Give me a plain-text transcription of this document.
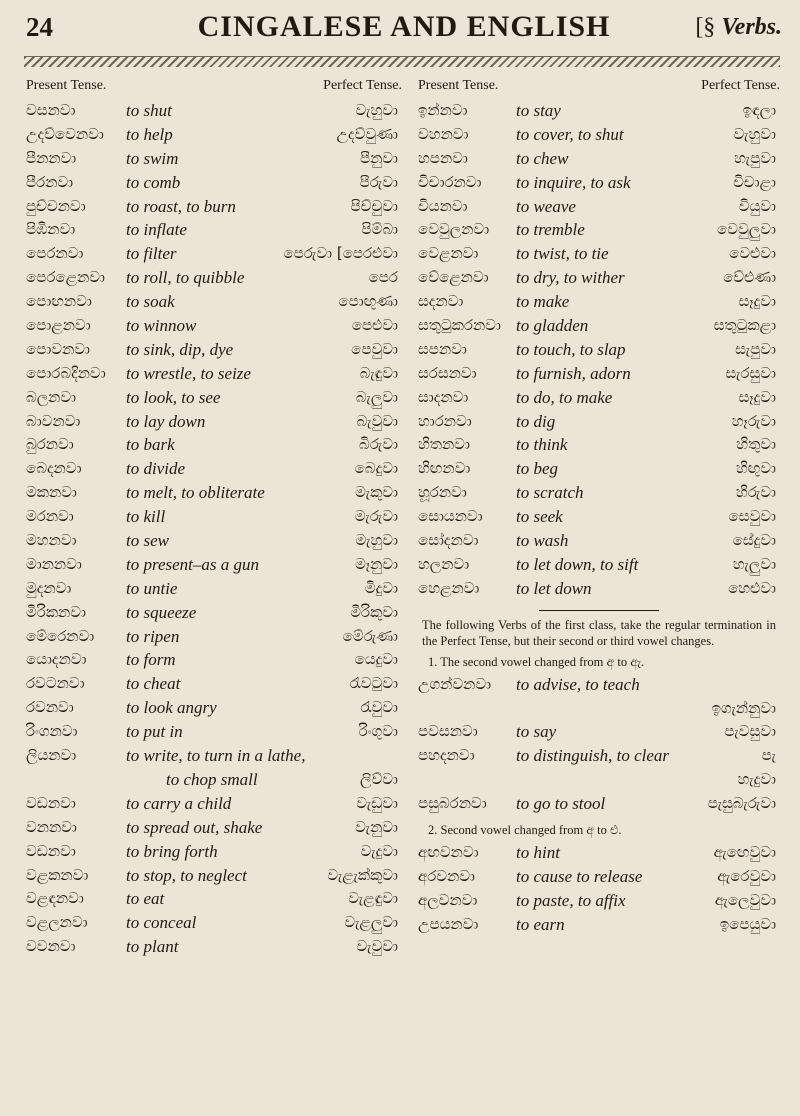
24	CINGALESE AND ENGLISH	[§ Verbs.
Present Tense.	Perfect Tense.
වසනවා	to shut	වැහුවා
උදව්වෙනවා to help	උදව්වුණා
පීනනවා	to swim	පීනුවා
පීරනවා	to comb	පීරුවා
පුච්චනවා to roast, to burn	පිච්චුවා
පිඹිනවා	to inflate	පිම්බා
පෙරනවා	to filter	පෙරුවා [පෙරළුවා
පෙරළෙනවා to roll, to quibble	පෙර
පොඟනවා to soak	පොඟුණා
පොළනවා to winnow	පෙළුවා
පොවනවා to sink, dip, dye	පෙවුවා
පොරබදිනවා to wrestle, to seize	බැඳුවා
බලනවා	to look, to see	බැලුවා
බාවනවා	to lay down	බැවුවා
බුරනවා	to bark	බිරුවා
බෙදනවා	to divide	බෙදුවා
මකනවා	to melt, to obliterate	මැකුවා
මරනවා	to kill	මැරුවා
මහනවා	to sew	මැහුවා
මානනවා	to present–as a gun	මෑනුවා
මුදනවා	to untie	මිදුවා
මිරිකනවා to squeeze	මිරිකුවා
මේරෙනවා to ripen	මේරුණා
යොදනවා to form	යෙදුවා
රවටනවා to cheat	රැවටුවා
රවනවා	to look angry	රැවුවා
රිංගනවා	to put in	රිංගුවා
ලියනවා	to write, to turn in a lathe,
to chop small	ලිව්වා
වඩනවා	to carry a child	වැඩුවා
වනනවා	to spread out, shake	වැනුවා
වඩනවා	to bring forth	වැදුවා
වළකනවා to stop, to neglect	වැළැක්කුවා
වළඳනවා to eat	වැළඳුවා
වළලනවා to conceal	වැළලුවා
වවනවා	to plant	වැවුවා
Present Tense.	Perfect Tense.
ඉන්නවා	to stay	ඉඳලා
වහනවා	to cover, to shut	වැහුවා
හපනවා	to chew	හැපුවා
විචාරනවා to inquire, to ask	විචාළා
වියනවා	to weave	වියුවා
වෙවුලනවා to tremble	වෙවුලුවා
වෙළනවා to twist, to tie	වෙළුවා
වේළෙනවා to dry, to wither	වේළුණා
සදනවා	to make	සෑදුවා
සතුටුකරනවා to gladden	සතුටුකළා
සපනවා	to touch, to slap	සැපුවා
සරසනවා to furnish, adorn	සැරසුවා
සාදනවා	to do, to make	සෑදුවා
හාරනවා	to dig	හෑරුවා
හිතනවා	to think	හිතුවා
හිඟනවා	to beg	හිඟුවා
හූරනවා	to scratch	හිරුවා
සොයනවා to seek	සෙවුවා
සෝදනවා to wash	සේදුවා
හලනවා	to let down, to sift	හැලුවා
හෙළනවා to let down	හෙළුවා
The following Verbs of the first class, take the regular termination in the Perfect Tense, but their second or third vowel changes.
1. The second vowel changed from අ to ඇ.
උගන්වනවා to advise, to teach
ඉගැන්නුවා
පවසනවා to say	පැවසුවා
පහදනවා to distinguish, to clear	පැ
හැදුවා
පසුබරනවා to go to stool	පැසුබැරුවා
2. Second vowel changed from අ to එ.
අඟවනවා to hint	ඇඟෙවුවා
අරවනවා to cause to release	ඇරෙවුවා
අලවනවා to paste, to affix	ඇලෙවුවා
උපයනවා to earn	ඉපෙයුවා
